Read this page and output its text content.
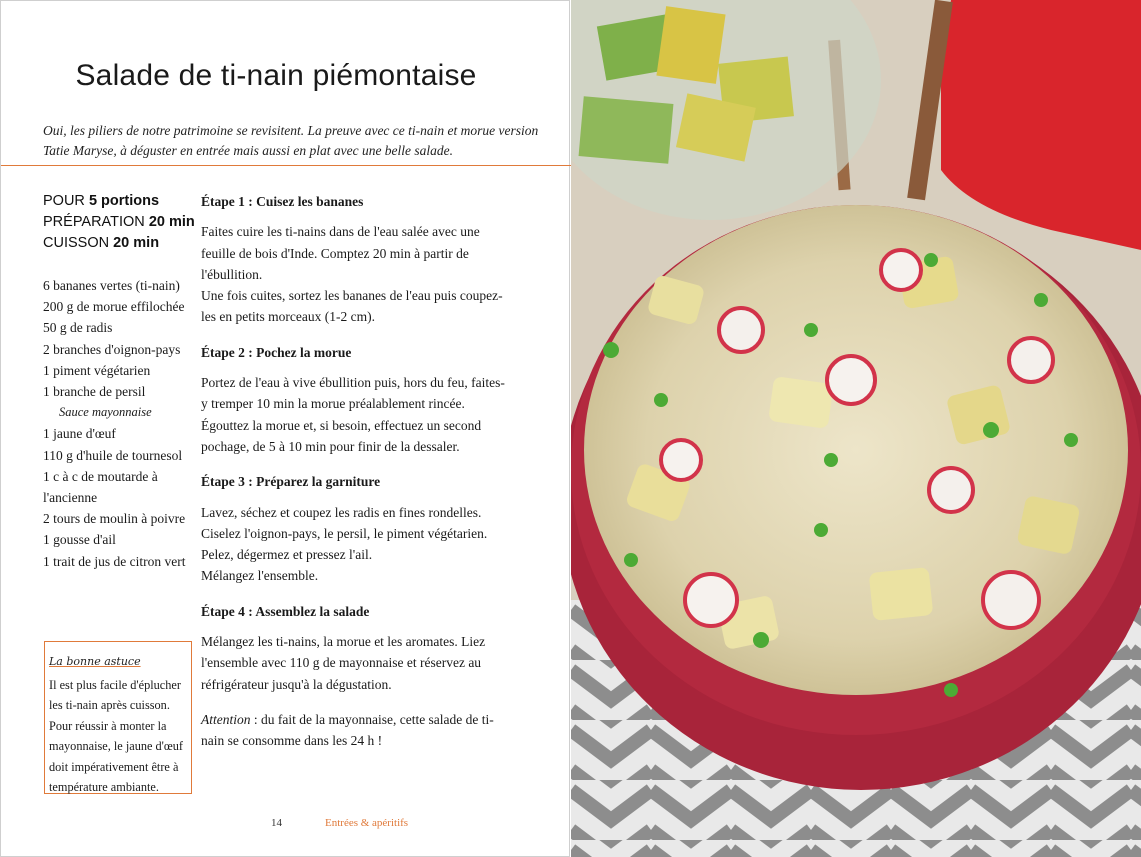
Salade de ti-nain piémontaise
Oui, les piliers de notre patrimoine se revisitent. La preuve avec ce ti-nain et morue version Tatie Maryse, à déguster en entrée mais aussi en plat avec une belle salade.
POUR 5 portions
PRÉPARATION 20 min
CUISSON 20 min
6 bananes vertes (ti-nain)
200 g de morue effilochée
50 g de radis
2 branches d'oignon-pays
1 piment végétarien
1 branche de persil
Sauce mayonnaise
1 jaune d'œuf
110 g d'huile de tournesol
1 c à c de moutarde à l'ancienne
2 tours de moulin à poivre
1 gousse d'ail
1 trait de jus de citron vert
La bonne astuce
Il est plus facile d'éplucher les ti-nain après cuisson. Pour réussir à monter la mayonnaise, le jaune d'œuf doit impérativement être à température ambiante.
Étape 1 : Cuisez les bananes

Faites cuire les ti-nains dans de l'eau salée avec une feuille de bois d'Inde. Comptez 20 min à partir de l'ébullition.

Une fois cuites, sortez les bananes de l'eau puis coupez-les en petits morceaux (1-2 cm).

Étape 2 : Pochez la morue

Portez de l'eau à vive ébullition puis, hors du feu, faites-y tremper 10 min la morue préalablement rincée.

Égouttez la morue et, si besoin, effectuez un second pochage, de 5 à 10 min pour finir de la dessaler.

Étape 3 : Préparez la garniture

Lavez, séchez et coupez les radis en fines rondelles.

Ciselez l'oignon-pays, le persil, le piment végétarien.

Pelez, dégermez et pressez l'ail.

Mélangez l'ensemble.

Étape 4 : Assemblez la salade

Mélangez les ti-nains, la morue et les aromates. Liez l'ensemble avec 110 g de mayonnaise et réservez au réfrigérateur jusqu'à la dégustation.

Attention : du fait de la mayonnaise, cette salade de ti-nain se consomme dans les 24 h !

14	Entrées & apéritifs
